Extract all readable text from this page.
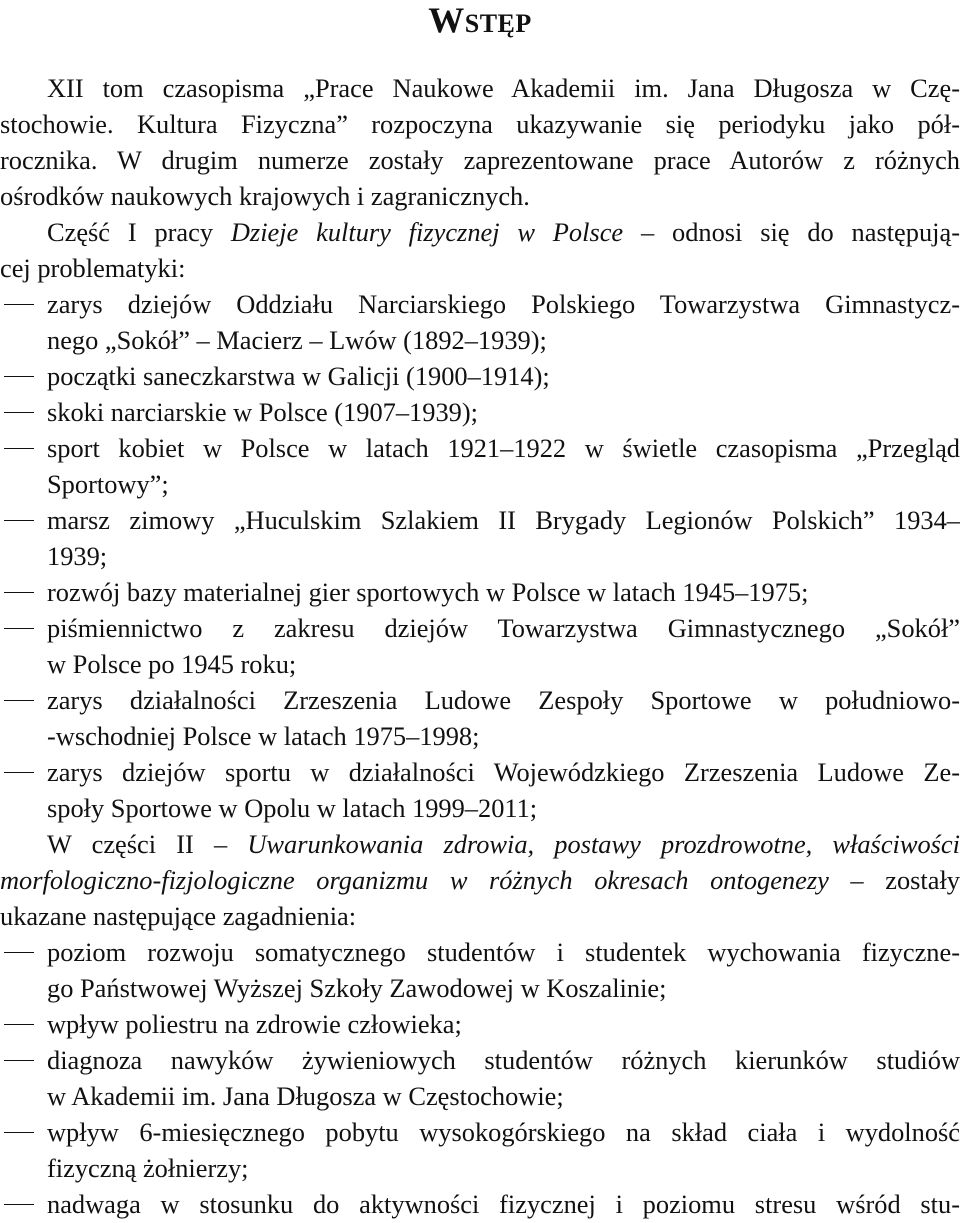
WSTĘP
XII tom czasopisma „Prace Naukowe Akademii im. Jana Długosza w Czę-
stochowie. Kultura Fizyczna” rozpoczyna ukazywanie się periodyku jako pół-
rocznika. W drugim numerze zostały zaprezentowane prace Autorów z różnych
ośrodków naukowych krajowych i zagranicznych.
Część I pracy Dzieje kultury fizycznej w Polsce – odnosi się do następują-
cej problematyki:
zarys dziejów Oddziału Narciarskiego Polskiego Towarzystwa Gimnastycz-
nego „Sokół” – Macierz – Lwów (1892–1939);
początki saneczkarstwa w Galicji (1900–1914);
skoki narciarskie w Polsce (1907–1939);
sport kobiet w Polsce w latach 1921–1922 w świetle czasopisma „Przegląd
Sportowy”;
marsz zimowy „Huculskim Szlakiem II Brygady Legionów Polskich” 1934–
1939;
rozwój bazy materialnej gier sportowych w Polsce w latach 1945–1975;
piśmiennictwo z zakresu dziejów Towarzystwa Gimnastycznego „Sokół”
w Polsce po 1945 roku;
zarys działalności Zrzeszenia Ludowe Zespoły Sportowe w południowo-
-wschodniej Polsce w latach 1975–1998;
zarys dziejów sportu w działalności Wojewódzkiego Zrzeszenia Ludowe Ze-
społy Sportowe w Opolu w latach 1999–2011;
W części II – Uwarunkowania zdrowia, postawy prozdrowotne, właściwości
morfologiczno-fizjologiczne organizmu w różnych okresach ontogenezy – zostały
ukazane następujące zagadnienia:
poziom rozwoju somatycznego studentów i studentek wychowania fizyczne-
go Państwowej Wyższej Szkoły Zawodowej w Koszalinie;
wpływ poliestru na zdrowie człowieka;
diagnoza nawyków żywieniowych studentów różnych kierunków studiów
w Akademii im. Jana Długosza w Częstochowie;
wpływ 6-miesięcznego pobytu wysokogórskiego na skład ciała i wydolność
fizyczną żołnierzy;
nadwaga w stosunku do aktywności fizycznej i poziomu stresu wśród stu-
